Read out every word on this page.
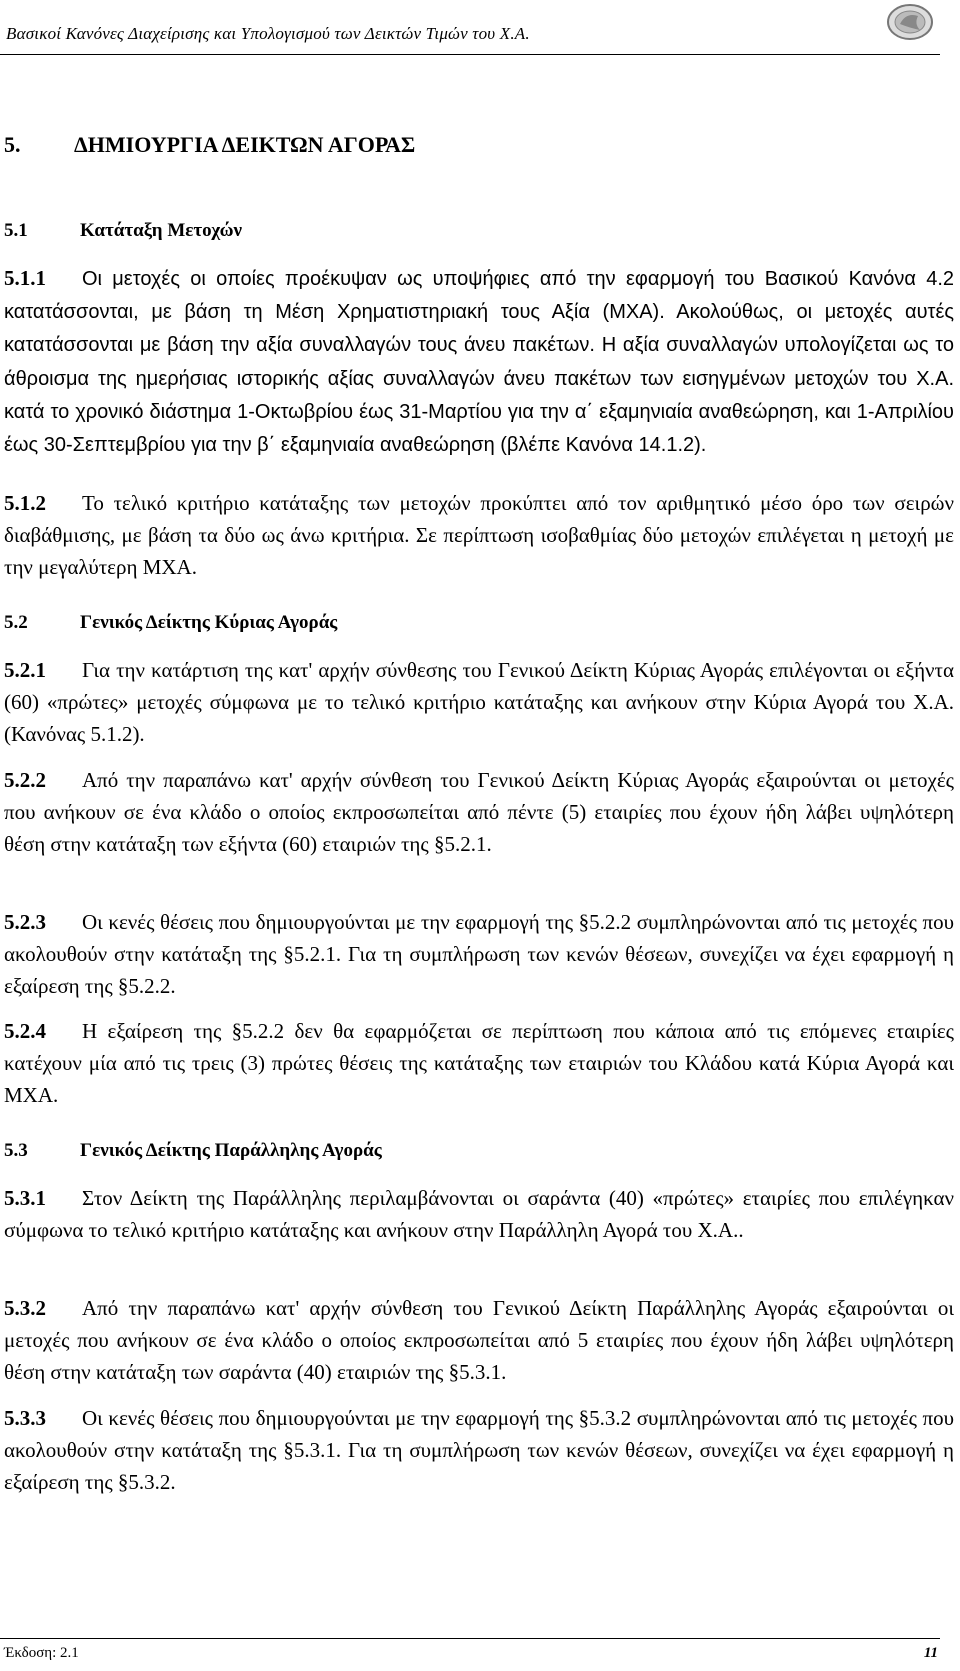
Βασικοί Κανόνες Διαχείρισης και Υπολογισμού των Δεικτών Τιμών του Χ.Α.
5. ΔΗΜΙΟΥΡΓΙΑ ΔΕΙΚΤΩΝ ΑΓΟΡΑΣ
5.1	Κατάταξη Μετοχών
5.1.1 Οι μετοχές οι οποίες προέκυψαν ως υποψήφιες από την εφαρμογή του Βασικού Κανόνα 4.2 κατατάσσονται, με βάση τη Μέση Χρηματιστηριακή τους Αξία (ΜΧΑ). Ακολούθως, οι μετοχές αυτές κατατάσσονται με βάση την αξία συναλλαγών τους άνευ πακέτων. Η αξία συναλλαγών υπολογίζεται ως το άθροισμα της ημερήσιας ιστορικής αξίας συναλλαγών άνευ πακέτων των εισηγμένων μετοχών του Χ.Α. κατά το χρονικό διάστημα 1-Οκτωβρίου έως 31-Μαρτίου για την α΄ εξαμηνιαία αναθεώρηση, και 1-Απριλίου έως 30-Σεπτεμβρίου για την β΄ εξαμηνιαία αναθεώρηση (βλέπε Κανόνα 14.1.2).
5.1.2 Το τελικό κριτήριο κατάταξης των μετοχών προκύπτει από τον αριθμητικό μέσο όρο των σειρών διαβάθμισης, με βάση τα δύο ως άνω κριτήρια. Σε περίπτωση ισοβαθμίας δύο μετοχών επιλέγεται η μετοχή με την μεγαλύτερη ΜΧΑ.
5.2	Γενικός Δείκτης Κύριας Αγοράς
5.2.1 Για την κατάρτιση της κατ' αρχήν σύνθεσης του Γενικού Δείκτη Κύριας Αγοράς επιλέγονται οι εξήντα (60) «πρώτες» μετοχές σύμφωνα με το τελικό κριτήριο κατάταξης και ανήκουν στην Κύρια Αγορά του Χ.Α. (Κανόνας 5.1.2).
5.2.2 Από την παραπάνω κατ' αρχήν σύνθεση του Γενικού Δείκτη Κύριας Αγοράς εξαιρούνται οι μετοχές που ανήκουν σε ένα κλάδο ο οποίος εκπροσωπείται από πέντε (5) εταιρίες που έχουν ήδη λάβει υψηλότερη θέση στην κατάταξη των εξήντα (60) εταιριών της §5.2.1.
5.2.3 Οι κενές θέσεις που δημιουργούνται με την εφαρμογή της §5.2.2 συμπληρώνονται από τις μετοχές που ακολουθούν στην κατάταξη της §5.2.1. Για τη συμπλήρωση των κενών θέσεων, συνεχίζει να έχει εφαρμογή η εξαίρεση της §5.2.2.
5.2.4 Η εξαίρεση της §5.2.2 δεν θα εφαρμόζεται σε περίπτωση που κάποια από τις επόμενες εταιρίες κατέχουν μία από τις τρεις (3) πρώτες θέσεις της κατάταξης των εταιριών του Κλάδου κατά Κύρια Αγορά και ΜΧΑ.
5.3	Γενικός Δείκτης Παράλληλης Αγοράς
5.3.1 Στον Δείκτη της Παράλληλης περιλαμβάνονται οι σαράντα (40) «πρώτες» εταιρίες που επιλέγηκαν σύμφωνα το τελικό κριτήριο κατάταξης και ανήκουν στην Παράλληλη Αγορά του Χ.Α..
5.3.2 Από την παραπάνω κατ' αρχήν σύνθεση του Γενικού Δείκτη Παράλληλης Αγοράς εξαιρούνται οι μετοχές που ανήκουν σε ένα κλάδο ο οποίος εκπροσωπείται από 5 εταιρίες που έχουν ήδη λάβει υψηλότερη θέση στην κατάταξη των σαράντα (40) εταιριών της §5.3.1.
5.3.3 Οι κενές θέσεις που δημιουργούνται με την εφαρμογή της §5.3.2 συμπληρώνονται από τις μετοχές που ακολουθούν στην κατάταξη της §5.3.1. Για τη συμπλήρωση των κενών θέσεων, συνεχίζει να έχει εφαρμογή η εξαίρεση της §5.3.2.
Έκδοση: 2.1	11
